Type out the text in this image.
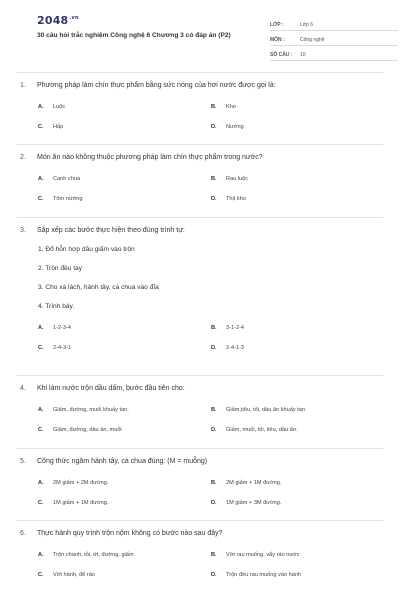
$2048^{.vn}$
30 câu hỏi trắc nghiệm Công nghệ 6 Chương 3 có đáp án (P2)
LỚP :	Lớp 6
MÔN :	Công nghệ
SỐ CÂU :	10
1.	Phương pháp làm chín thực phẩm bằng sức nóng của hơi nước được gọi là:
A.	Luộc	B.	Kho
C.	Hấp	D.	Nướng
2.	Món ăn nào không thuộc phương pháp làm chín thực phẩm trong nước?
A.	Canh chua	B.	Rau luộc
C.	Tôm nướng	D.	Thịt kho
3.	Sắp xếp các bước thực hiện theo đúng trình tự:
1. Đổ hỗn hợp dầu giấm vào trộn
2. Trộn đều tay
3. Cho xà lách, hành tây, cà chua vào đĩa
4. Trình bày.
A.	1-2-3-4	B.	3-1-2-4
C.	2-4-3-1	D.	2-4-1-3
4.	Khi làm nước trộn dầu dấm, bước đầu tiên cho:
A.	Giấm, đường, muối khuấy tan.	B.	Giấm,tiêu, tỏi, dầu ăn khuấy tan
C.	Giấm, đường, dầu ăn, muối	D.	Giấm, muối, tỏi, tiêu, dầu ăn.
5.	Công thức ngâm hành tây, cà chua đúng: (M = muỗng)
A.	2M giấm + 2M đường.	B.	2M giấm + 1M đường.
C.	1M giấm + 1M đường.	D.	1M giấm + 3M đường.
6.	Thực hành quy trình trộn nộm không có bước nào sau đây?
A.	Trộn chanh, tỏi, ớt, đường, giấm	B.	Vớt rau muống, vẩy ráo nước
C.	Vớt hành, để ráo	D.	Trộn đều rau muống vào hành
